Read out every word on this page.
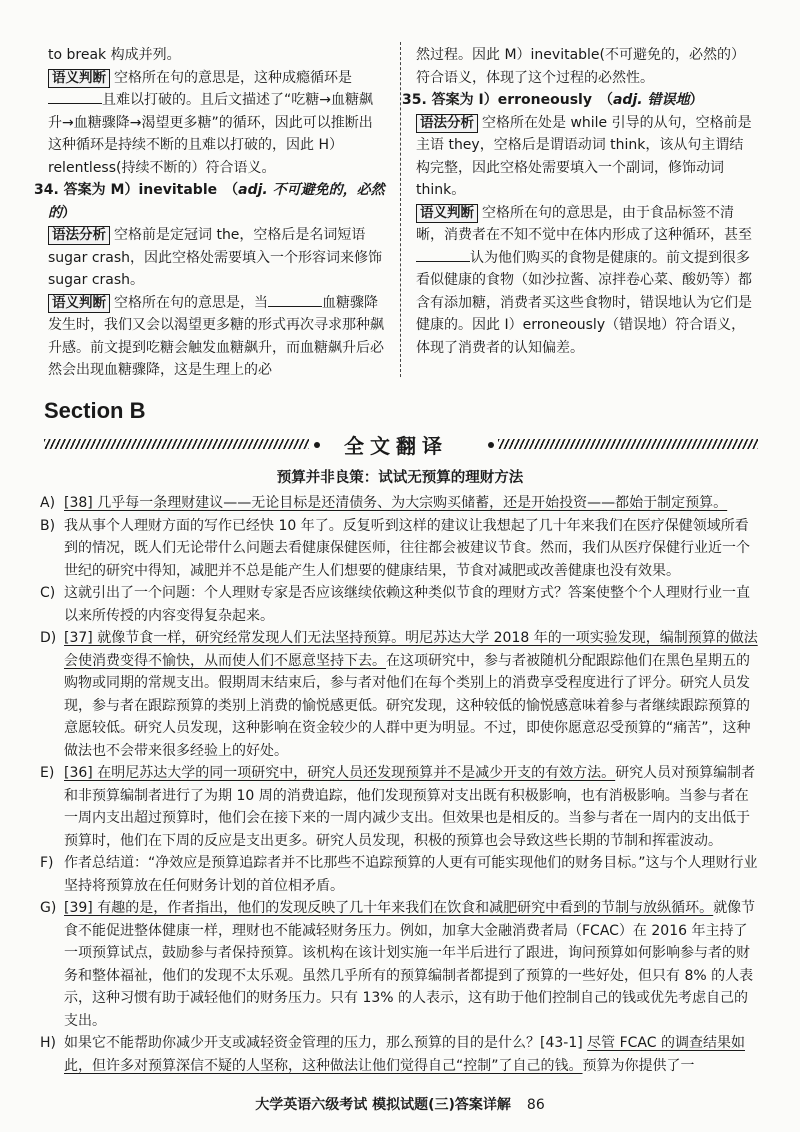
to break 构成并列。
语义判断 空格所在句的意思是，这种成瘾循环是
且难以打破的。且后文描述了“吃糖→血糖飙升→血糖骤降→渴望更多糖”的循环，因此可以推断出这种循环是持续不断的且难以打破的，因此 H）relentless(持续不断的）符合语义。
34. 答案为 M）inevitable　 （adj. 不可避免的，必然的）
语法分析 空格前是定冠词 the，空格后是名词短语 sugar crash，因此空格处需要填入一个形容词来修饰 sugar crash。
语义判断 空格所在句的意思是，当	血糖骤降发生时，我们又会以渴望更多糖的形式再次寻求那种飙升感。前文提到吃糖会触发血糖飙升，而血糖飙升后必然会出现血糖骤降，这是生理上的必
然过程。因此 M）inevitable(不可避免的，必然的）符合语义，体现了这个过程的必然性。
35. 答案为 I）erroneously　 （adj. 错误地）
语法分析 空格所在处是 while 引导的从句，空格前是主语 they，空格后是谓语动词 think，该从句主谓结构完整，因此空格处需要填入一个副词，修饰动词 think。
语义判断 空格所在句的意思是，由于食品标签不清晰，消费者在不知不觉中在体内形成了这种循环，甚至认为他们购买的食物是健康的。前文提到很多看似健康的食物（如沙拉酱、凉拌卷心菜、酸奶等）都含有添加糖，消费者买这些食物时，错误地认为它们是健康的。因此 I）erroneously（错误地）符合语义，体现了消费者的认知偏差。
Section B
全文翻译
预算并非良策：试试无预算的理财方法
A) [38] 几乎每一条理财建议——无论目标是还清债务、为大宗购买储蓄，还是开始投资——都始于制定预算。
B) 我从事个人理财方面的写作已经快 10 年了。反复听到这样的建议让我想起了几十年来我们在医疗保健领域所看到的情况，既人们无论带什么问题去看健康保健医师，往往都会被建议节食。然而，我们从医疗保健行业近一个世纪的研究中得知，减肥并不总是能产生人们想要的健康结果，节食对减肥或改善健康也没有效果。
C) 这就引出了一个问题：个人理财专家是否应该继续依赖这种类似节食的理财方式？答案使整个个人理财行业一直以来所传授的内容变得复杂起来。
D) [37] 就像节食一样，研究经常发现人们无法坚持预算。明尼苏达大学 2018 年的一项实验发现，编制预算的做法会使消费变得不愉快，从而使人们不愿意坚持下去。在这项研究中，参与者被随机分配跟踪他们在黑色星期五的购物或同期的常规支出。假期周末结束后，参与者对他们在每个类别上的消费享受程度进行了评分。研究人员发现，参与者在跟踪预算的类别上消费的愉悦感更低。研究发现，这种较低的愉悦感意味着参与者继续跟踪预算的意愿较低。研究人员发现，这种影响在资金较少的人群中更为明显。不过，即使你愿意忍受预算的“痛苦”，这种做法也不会带来很多经验上的好处。
E) [36] 在明尼苏达大学的同一项研究中，研究人员还发现预算并不是减少开支的有效方法。研究人员对预算编制者和非预算编制者进行了为期 10 周的消费追踪，他们发现预算对支出既有积极影响，也有消极影响。当参与者在一周内支出超过预算时，他们会在接下来的一周内减少支出。但效果也是相反的。当参与者在一周内的支出低于预算时，他们在下周的反应是支出更多。研究人员发现，积极的预算也会导致这些长期的节制和挥霍波动。
F) 作者总结道：“净效应是预算追踪者并不比那些不追踪预算的人更有可能实现他们的财务目标。”这与个人理财行业坚持将预算放在任何财务计划的首位相矛盾。
G) [39] 有趣的是，作者指出，他们的发现反映了几十年来我们在饮食和减肥研究中看到的节制与放纵循环。就像节食不能促进整体健康一样，理财也不能减轻财务压力。例如，加拿大金融消费者局（FCAC）在 2016 年主持了一项预算试点，鼓励参与者保持预算。该机构在该计划实施一年半后进行了跟进，询问预算如何影响参与者的财务和整体福祉，他们的发现不太乐观。虽然几乎所有的预算编制者都提到了预算的一些好处，但只有 8% 的人表示，这种习惯有助于减轻他们的财务压力。只有 13% 的人表示，这有助于他们控制自己的钱或优先考虑自己的支出。
H) 如果它不能帮助你减少开支或减轻资金管理的压力，那么预算的目的是什么？[43-1] 尽管 FCAC 的调查结果如此，但许多对预算深信不疑的人坚称，这种做法让他们觉得自己“控制”了自己的钱。预算为你提供了一
大学英语六级考试 模拟试题(三)答案详解 86
